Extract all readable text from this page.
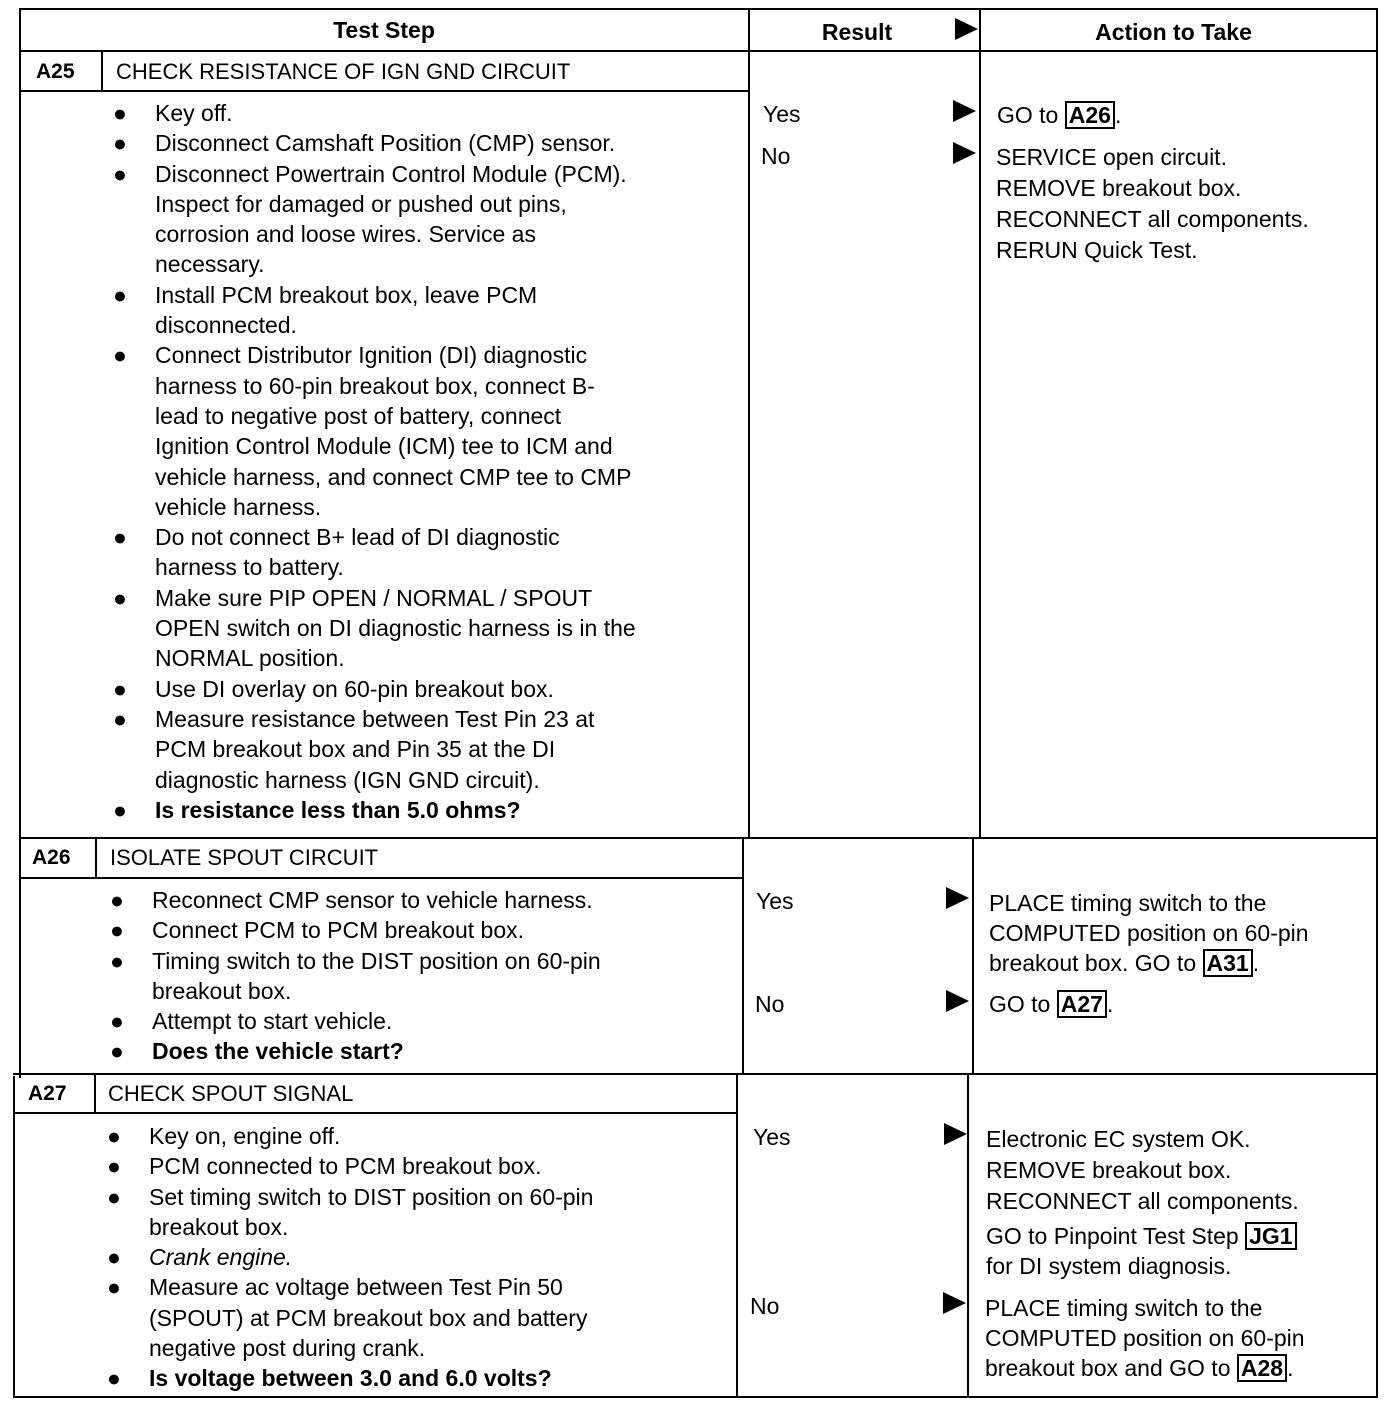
Test Step	Result	Action to Take
A25 CHECK RESISTANCE OF IGN GND CIRCUIT
● Key off.
● Disconnect Camshaft Position (CMP) sensor.
● Disconnect Powertrain Control Module (PCM).
Inspect for damaged or pushed out pins,
corrosion and loose wires. Service as
necessary.
● Install PCM breakout box, leave PCM
disconnected.
● Connect Distributor Ignition (DI) diagnostic
harness to 60-pin breakout box, connect B-
lead to negative post of battery, connect
Ignition Control Module (ICM) tee to ICM and
vehicle harness, and connect CMP tee to CMP
vehicle harness.
● Do not connect B+ lead of DI diagnostic
harness to battery.
● Make sure PIP OPEN / NORMAL / SPOUT
OPEN switch on DI diagnostic harness is in the
NORMAL position.
● Use DI overlay on 60-pin breakout box.
● Measure resistance between Test Pin 23 at
PCM breakout box and Pin 35 at the DI
diagnostic harness (IGN GND circuit).
● Is resistance less than 5.0 ohms?
Yes
No
GO to A26 .
SERVICE open circuit.
REMOVE breakout box.
RECONNECT all components.
RERUN Quick Test.
A26 ISOLATE SPOUT CIRCUIT
● Reconnect CMP sensor to vehicle harness.
● Connect PCM to PCM breakout box.
● Timing switch to the DIST position on 60-pin
breakout box.
● Attempt to start vehicle.
● Does the vehicle start?
Yes
No
PLACE timing switch to the
COMPUTED position on 60-pin
breakout box. GO to A31 .
GO to A27 .
A27 CHECK SPOUT SIGNAL
● Key on, engine off.
● PCM connected to PCM breakout box.
● Set timing switch to DIST position on 60-pin
breakout box.
● Crank engine.
● Measure ac voltage between Test Pin 50
(SPOUT) at PCM breakout box and battery
negative post during crank.
● Is voltage between 3.0 and 6.0 volts?
Yes
No
Electronic EC system OK.
REMOVE breakout box.
RECONNECT all components.
GO to Pinpoint Test Step JG1
for DI system diagnosis.
PLACE timing switch to the
COMPUTED position on 60-pin
breakout box and GO to A28 .
